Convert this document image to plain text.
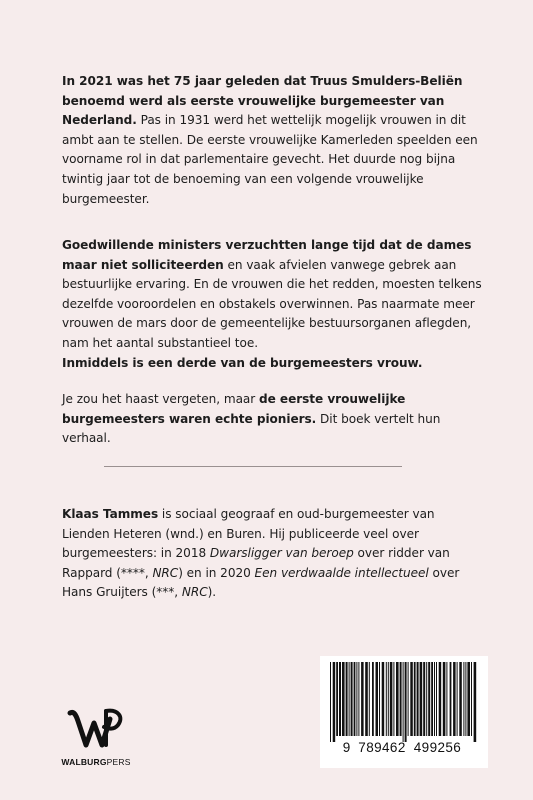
In 2021 was het 75 jaar geleden dat Truus Smulders-Beliën benoemd werd als eerste vrouwelijke burgemeester van Nederland. Pas in 1931 werd het wettelijk mogelijk vrouwen in dit ambt aan te stellen. De eerste vrouwelijke Kamerleden speelden een voorname rol in dat parlementaire gevecht. Het duurde nog bijna twintig jaar tot de benoeming van een volgende vrouwelijke burgemeester.

Goedwillende ministers verzuchtten lange tijd dat de dames maar niet solliciteerden en vaak afvielen vanwege gebrek aan bestuurlijke ervaring. En de vrouwen die het redden, moesten telkens dezelfde vooroordelen en obstakels overwinnen. Pas naarmate meer vrouwen de mars door de gemeentelijke bestuursorganen aflegden, nam het aantal substantieel toe.
Inmiddels is een derde van de burgemeesters vrouw.

Je zou het haast vergeten, maar de eerste vrouwelijke burgemeesters waren echte pioniers. Dit boek vertelt hun verhaal.

Klaas Tammes is sociaal geograaf en oud-burgemeester van Lienden Heteren (wnd.) en Buren. Hij publiceerde veel over burgemeesters: in 2018 Dwarsligger van beroep over ridder van Rappard (****, NRC) en in 2020 Een verdwaalde intellectueel over Hans Gruijters (***, NRC).

WALBURGPERS
9 789462 499256
